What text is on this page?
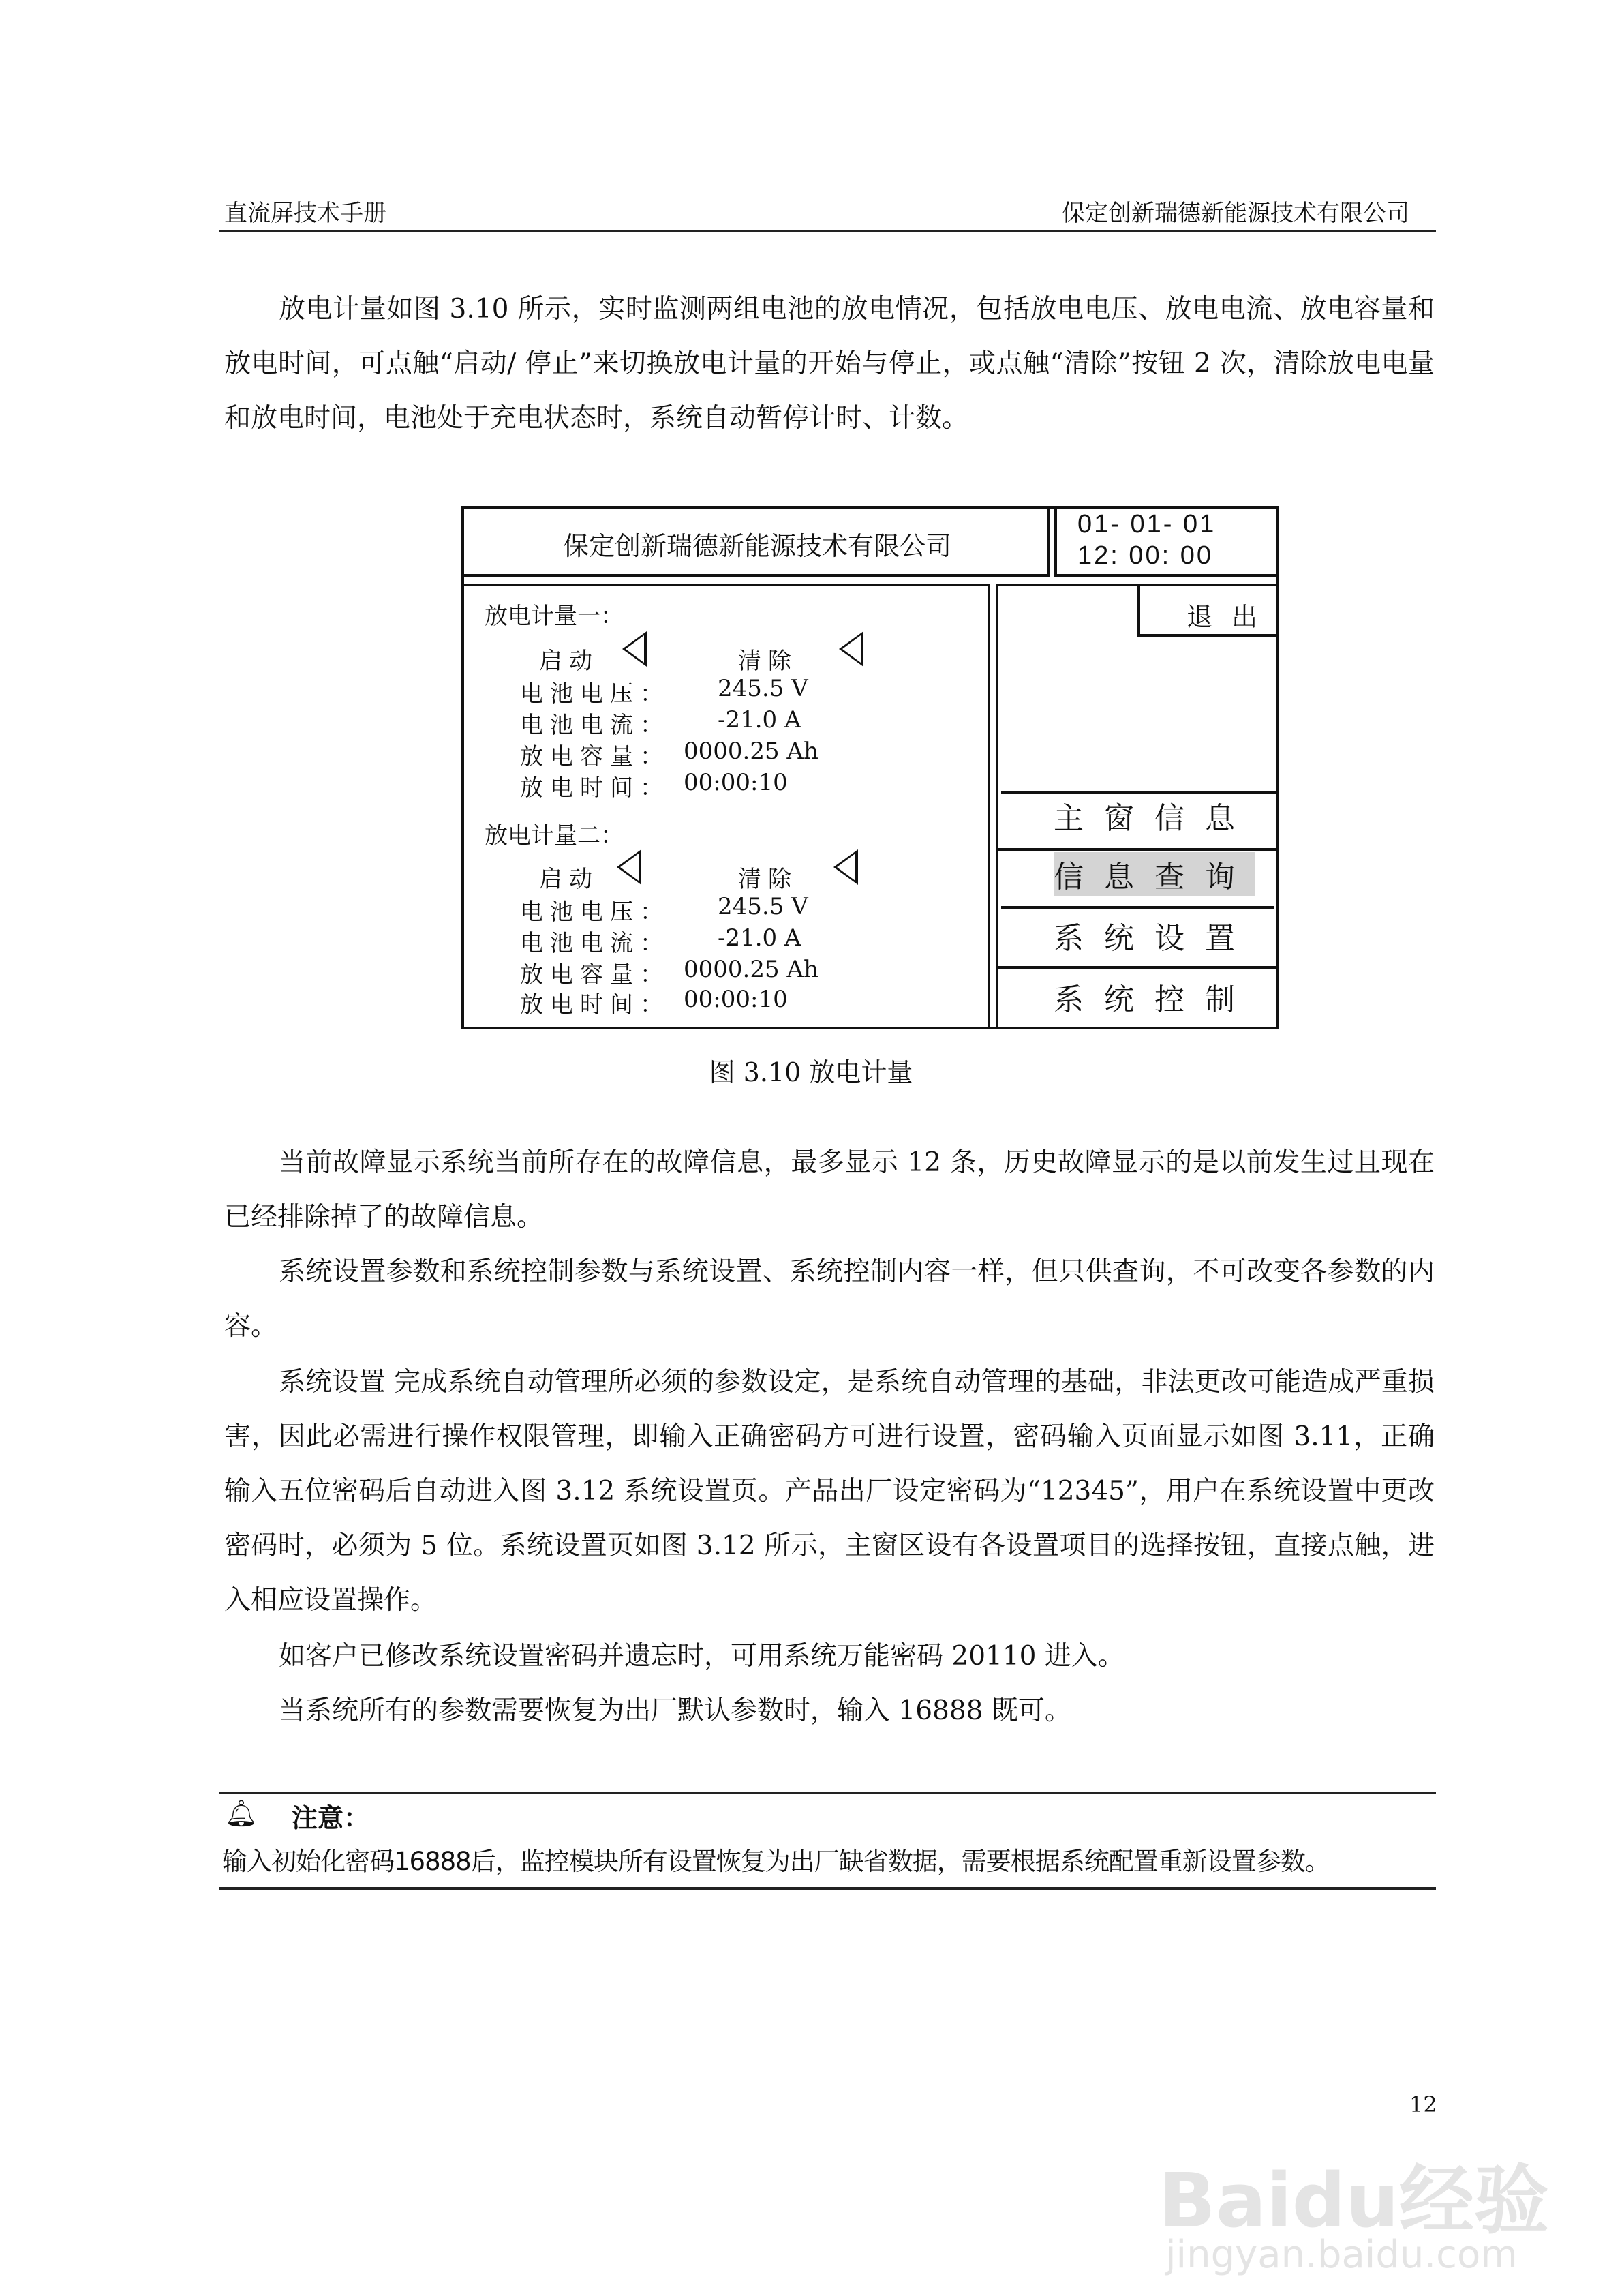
直流屏技术手册	保定创新瑞德新能源技术有限公司
放电计量如图 3.10 所示，实时监测两组电池的放电情况，包括放电电压、放电电流、放电容量和放电时间，可点触“启动/ 停止”来切换放电计量的开始与停止，或点触“清除”按钮 2 次，清除放电电量和放电时间，电池处于充电状态时，系统自动暂停计时、计数。
保定创新瑞德新能源技术有限公司
01- 01- 01
12: 00: 00
退 出
放电计量一：
启动	清除
电池电压： 245.5 V
电池电流： -21.0 A
放电容量： 0000.25 Ah
放电时间： 00:00:10
放电计量二：
启动	清除
电池电压： 245.5 V
电池电流： -21.0 A
放电容量： 0000.25 Ah
放电时间： 00:00:10
主窗信息
信息查询
系统设置
系统控制
图 3.10 放电计量
当前故障显示系统当前所存在的故障信息，最多显示 12 条，历史故障显示的是以前发生过且现在已经排除掉了的故障信息。
系统设置参数和系统控制参数与系统设置、系统控制内容一样，但只供查询，不可改变各参数的内容。
系统设置 完成系统自动管理所必须的参数设定，是系统自动管理的基础，非法更改可能造成严重损害，因此必需进行操作权限管理，即输入正确密码方可进行设置，密码输入页面显示如图 3.11，正确输入五位密码后自动进入图 3.12 系统设置页。产品出厂设定密码为“12345”，用户在系统设置中更改密码时，必须为 5 位。系统设置页如图 3.12 所示，主窗区设有各设置项目的选择按钮，直接点触，进入相应设置操作。
如客户已修改系统设置密码并遗忘时，可用系统万能密码 20110 进入。
当系统所有的参数需要恢复为出厂默认参数时，输入 16888 既可。
🔔︎ 注意：
输入初始化密码16888后，监控模块所有设置恢复为出厂缺省数据，需要根据系统配置重新设置参数。
12
Baidu经验
jingyan.baidu.com
